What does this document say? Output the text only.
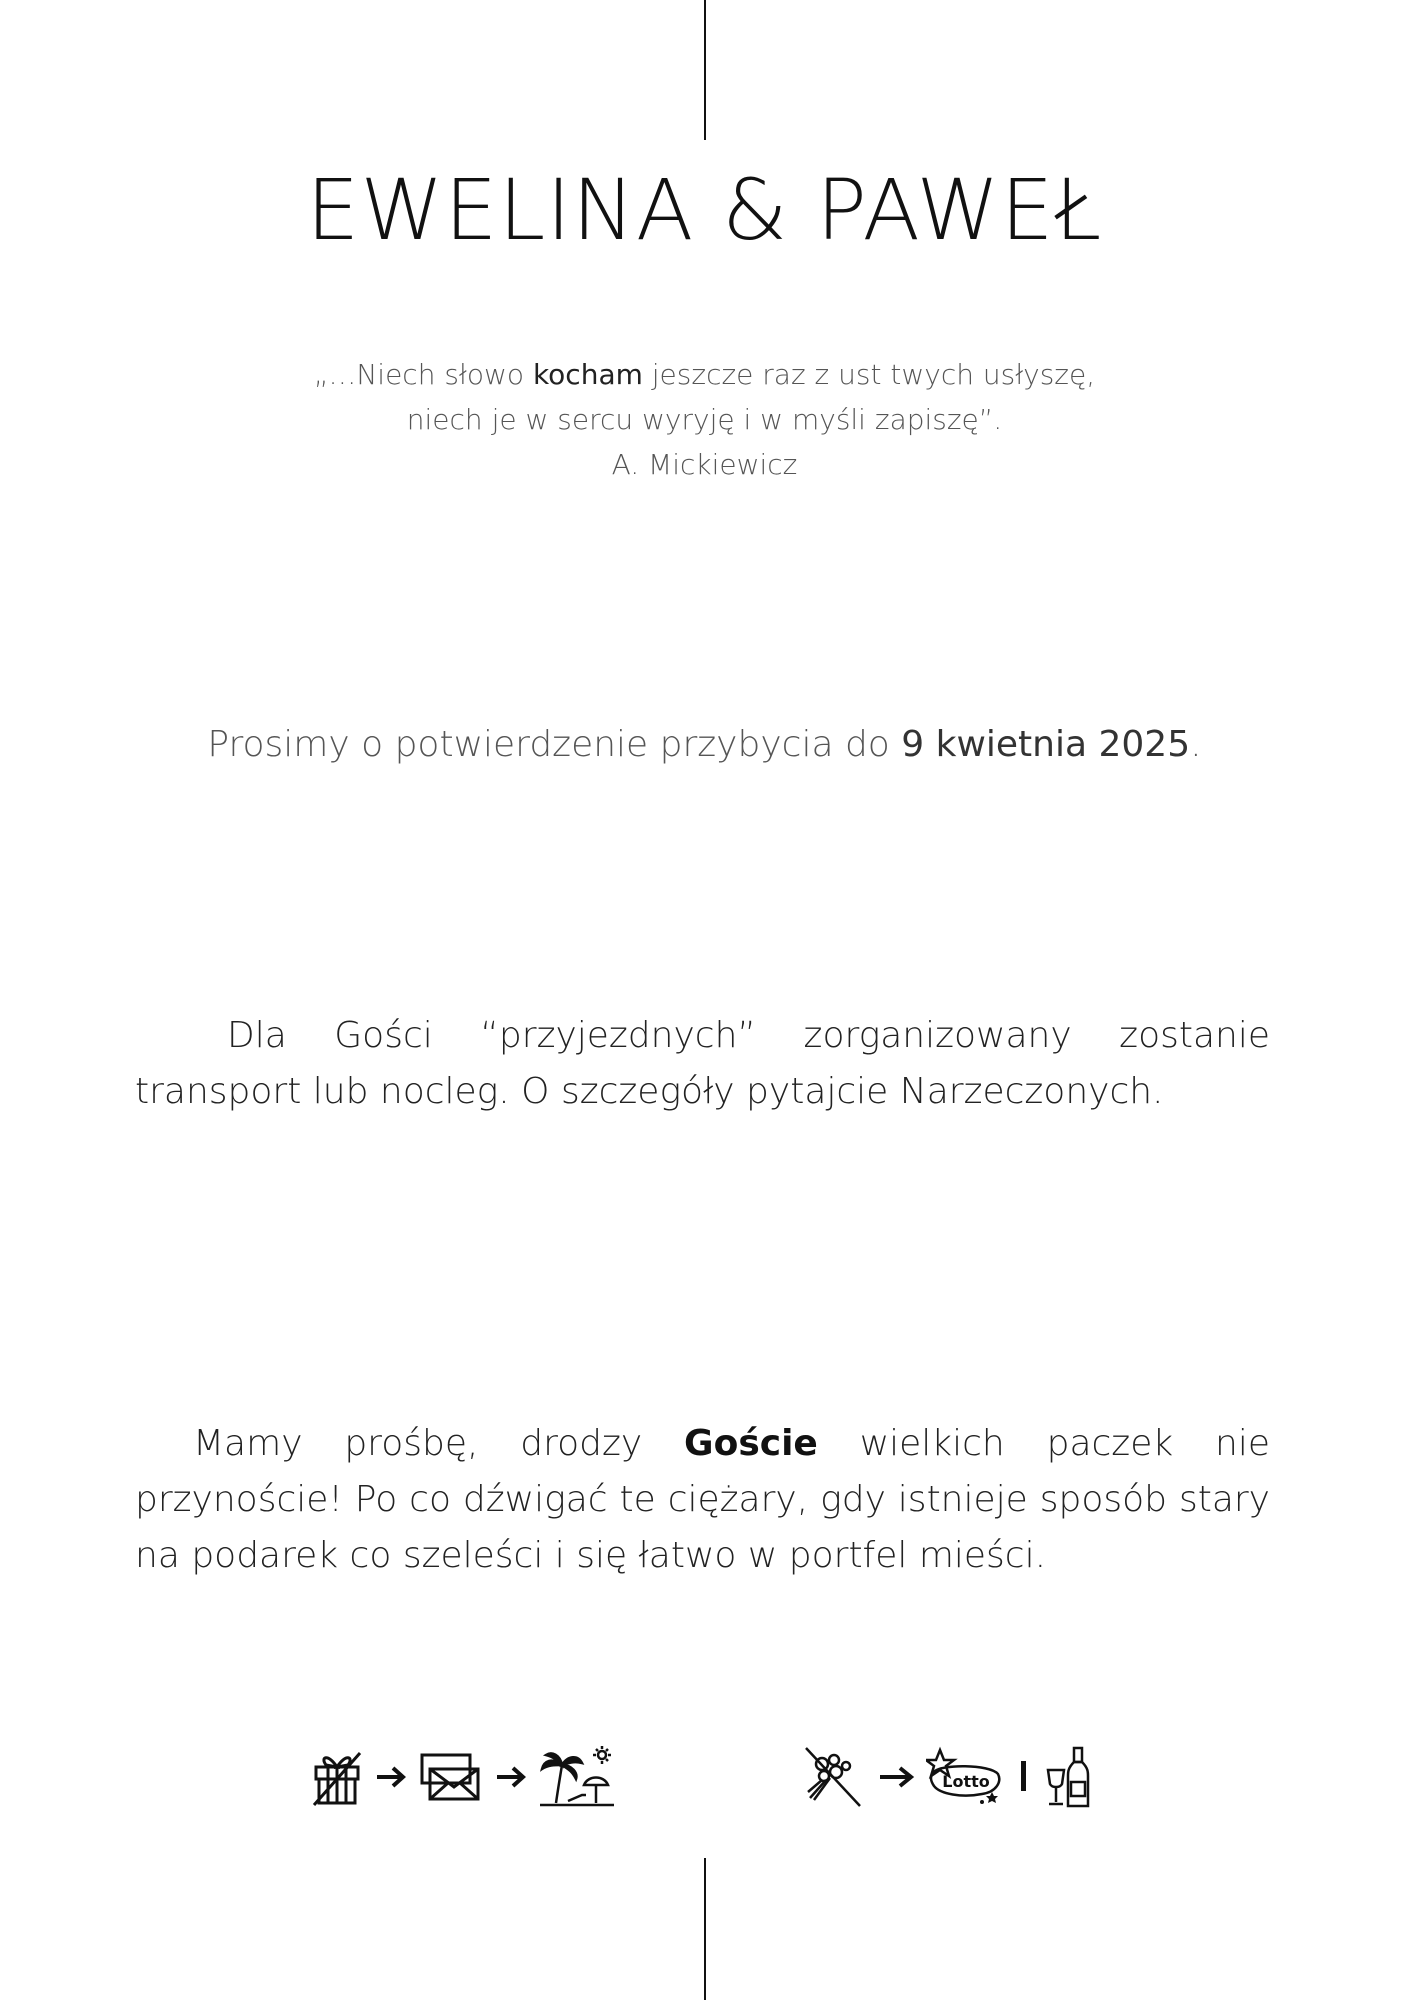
EWELINA & PAWEŁ
„…Niech słowo kocham jeszcze raz z ust twych usłyszę,
niech je w sercu wyryję i w myśli zapiszę”.
A. Mickiewicz
Prosimy o potwierdzenie przybycia do 9 kwietnia 2025.
Dla Gości “przyjezdnych” zorganizowany zostanie transport lub nocleg. O szczegóły pytajcie Narzeczonych.
Mamy prośbę, drodzy Goście wielkich paczek nie przynoście! Po co dźwigać te ciężary, gdy istnieje sposób stary na podarek co szeleści i się łatwo w portfel mieści.
Lotto
